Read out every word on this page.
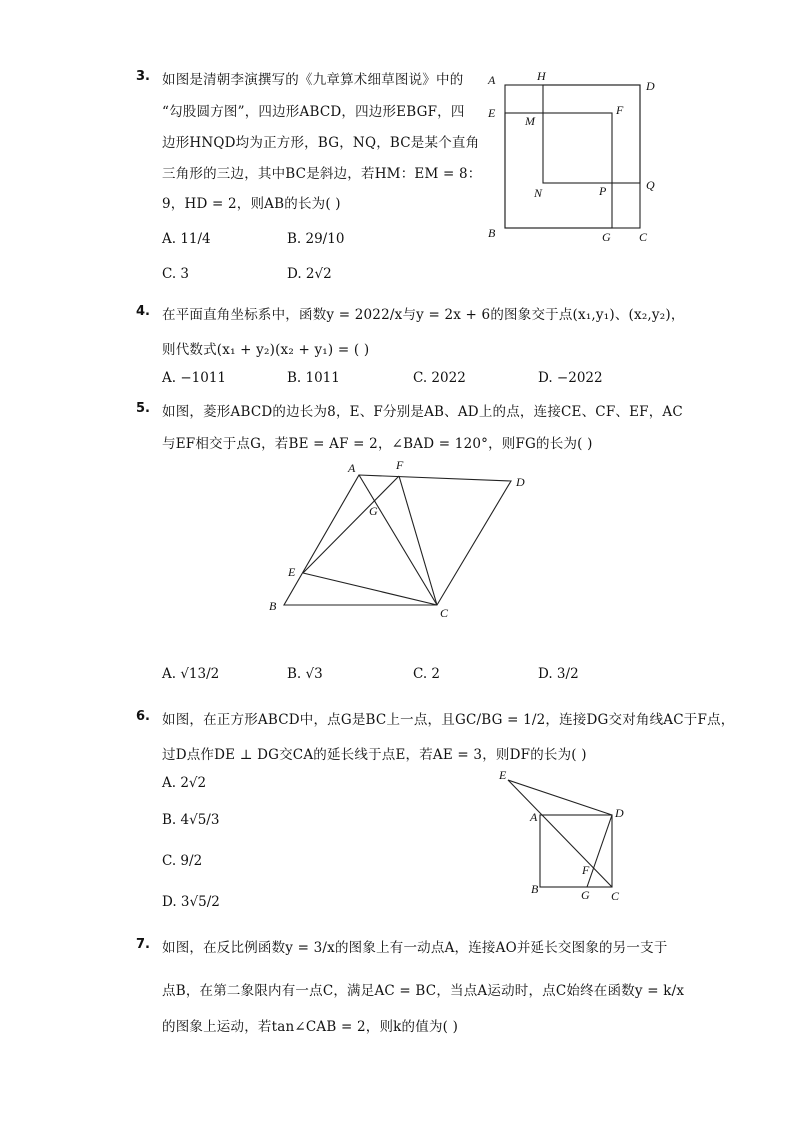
3. 如图是清朝李演撰写的《九章算术细草图说》中的
“勾股圆方图”，四边形ABCD，四边形EBGF，四
边形HNQD均为正方形，BG，NQ，BC是某个直角
三角形的三边，其中BC是斜边，若HM：EM = 8：
9，HD = 2，则AB的长为( )
A. 11/4	B. 29/10
C. 3	D. 2√2
A	H
D
E
M
F
N	P	Q
B	G C
4. 在平面直角坐标系中，函数y = 2022/x与y = 2x + 6的图象交于点(x₁,y₁)、(x₂,y₂)，
则代数式(x₁ + y₂)(x₂ + y₁) = ( )
A. −1011	B. 1011	C. 2022	D. −2022
5. 如图，菱形ABCD的边长为8，E、F分别是AB、AD上的点，连接CE、CF、EF，AC
与EF相交于点G，若BE = AF = 2，∠BAD = 120°，则FG的长为( )
A	F
D
G
E
B	C
A. √13/2	B. √3	C. 2	D. 3/2
6. 如图，在正方形ABCD中，点G是BC上一点，且GC/BG = 1/2，连接DG交对角线AC于F点，
过D点作DE ⊥ DG交CA的延长线于点E，若AE = 3，则DF的长为( )
A. 2√2
B. 4√5/3
C. 9/2
D. 3√5/2
E
A	D
F
B	G C
7. 如图，在反比例函数y = 3/x的图象上有一动点A，连接AO并延长交图象的另一支于
点B，在第二象限内有一点C，满足AC = BC，当点A运动时，点C始终在函数y = k/x
的图象上运动，若tan∠CAB = 2，则k的值为( )
